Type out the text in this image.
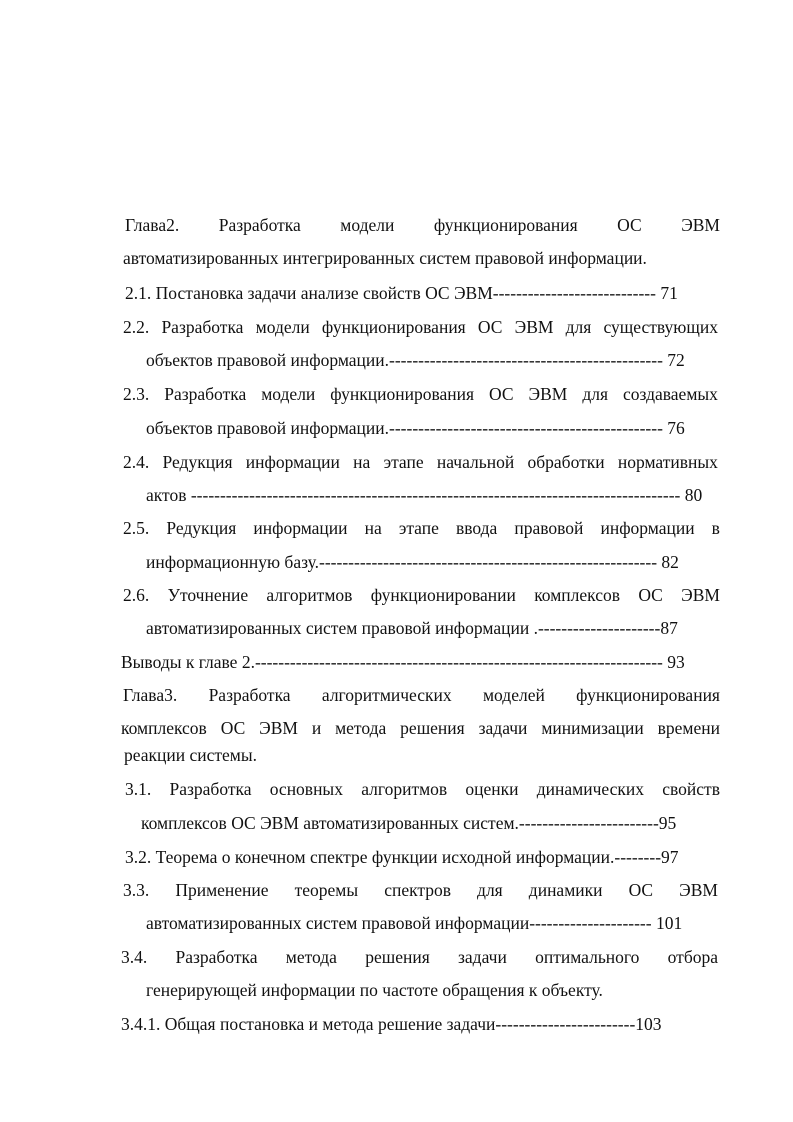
Глава2. Разработка модели функционирования ОС ЭВМ
автоматизированных интегрированных систем правовой информации.
2.1. Постановка задачи анализе свойств ОС ЭВМ---------------------------- 71
2.2. Разработка модели функционирования ОС ЭВМ для существующих
объектов правовой информации.----------------------------------------------- 72
2.3. Разработка модели функционирования ОС ЭВМ для создаваемых
объектов правовой информации.----------------------------------------------- 76
2.4. Редукция информации на этапе начальной обработки нормативных
актов ------------------------------------------------------------------------------------ 80
2.5. Редукция информации на этапе ввода правовой информации в
информационную базу.---------------------------------------------------------- 82
2.6. Уточнение алгоритмов функционировании комплексов ОС ЭВМ
автоматизированных систем правовой информации .---------------------87
Выводы к главе 2.---------------------------------------------------------------------- 93
Глава3. Разработка алгоритмических моделей функционирования
комплексов ОС ЭВМ и метода решения задачи минимизации времени
реакции системы.
3.1. Разработка основных алгоритмов оценки динамических свойств
комплексов ОС ЭВМ автоматизированных систем.------------------------95
3.2. Теорема о конечном спектре функции исходной информации.--------97
3.3. Применение теоремы спектров для динамики ОС ЭВМ
автоматизированных систем правовой информации--------------------- 101
3.4. Разработка метода решения задачи оптимального отбора
генерирующей информации по частоте обращения к объекту.
3.4.1. Общая постановка и метода решение задачи------------------------103
